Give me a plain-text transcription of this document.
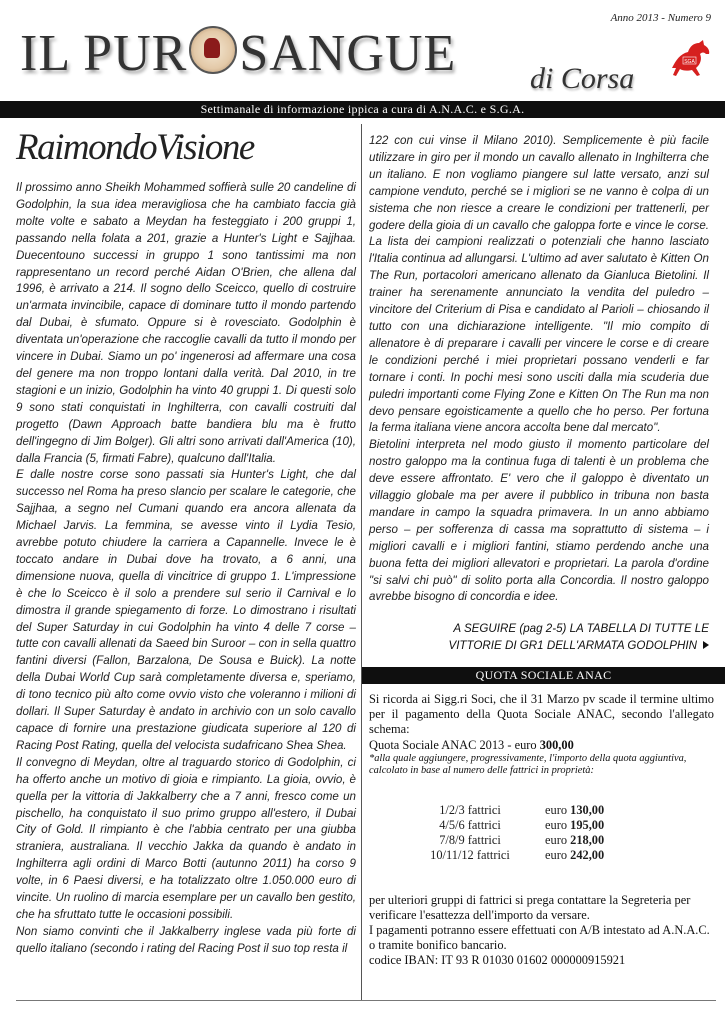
Anno 2013 - Numero 9
IL PUR SANGUE di Corsa	SGA
Settimanale di informazione ippica a cura di A.N.A.C. e S.G.A.
RaimondoVisione

Il prossimo anno Sheikh Mohammed soffierà sulle 20 candeline di Godolphin, la sua idea meravigliosa che ha cambiato faccia già molte volte e sabato a Meydan ha festeggiato i 200 gruppi 1, passando nella folata a 201, grazie a Hunter's Light e Sajjhaa. Duecentouno successi in gruppo 1 sono tantissimi ma non rappresentano un record perché Aidan O'Brien, che allena dal 1996, è arrivato a 214. Il sogno dello Sceicco, quello di costruire un'armata invincibile, capace di dominare tutto il mondo partendo dal Dubai, è sfumato. Oppure si è rovesciato. Godolphin è diventata un'operazione che raccoglie cavalli da tutto il mondo per vincere in Dubai. Siamo un po' ingenerosi ad affermare una cosa del genere ma non troppo lontani dalla verità. Dal 2010, in tre stagioni e un inizio, Godolphin ha vinto 40 gruppi 1. Di questi solo 9 sono stati conquistati in Inghilterra, con cavalli costruiti dal progetto (Dawn Approach batte bandiera blu ma è frutto dell'ingegno di Jim Bolger). Gli altri sono arrivati dall'America (10), dalla Francia (5, firmati Fabre), qualcuno dall'Italia.

E dalle nostre corse sono passati sia Hunter's Light, che dal successo nel Roma ha preso slancio per scalare le categorie, che Sajjhaa, a segno nel Cumani quando era ancora allenata da Michael Jarvis. La femmina, se avesse vinto il Lydia Tesio, avrebbe potuto chiudere la carriera a Capannelle. Invece le è toccato andare in Dubai dove ha trovato, a 6 anni, una dimensione nuova, quella di vincitrice di gruppo 1. L'impressione è che lo Sceicco è il solo a prendere sul serio il Carnival e lo dimostra il grande spiegamento di forze. Lo dimostrano i risultati del Super Saturday in cui Godolphin ha vinto 4 delle 7 corse – tutte con cavalli allenati da Saeed bin Suroor – con in sella quattro fantini diversi (Fallon, Barzalona, De Sousa e Buick). La notte della Dubai World Cup sarà completamente diversa e, speriamo, di tono tecnico più alto come ovvio visto che voleranno i milioni di dollari. Il Super Saturday è andato in archivio con un solo cavallo capace di fornire una prestazione giudicata superiore al 120 di Racing Post Rating, quella del velocista sudafricano Shea Shea.

Il convegno di Meydan, oltre al traguardo storico di Godolphin, ci ha offerto anche un motivo di gioia e rimpianto. La gioia, ovvio, è quella per la vittoria di Jakkalberry che a 7 anni, fresco come un pischello, ha conquistato il suo primo gruppo all'estero, il Dubai City of Gold. Il rimpianto è che l'abbia centrato per una giubba straniera, australiana. Il vecchio Jakka da quando è andato in Inghilterra agli ordini di Marco Botti (autunno 2011) ha corso 9 volte, in 6 Paesi diversi, e ha totalizzato oltre 1.050.000 euro di vincite. Un ruolino di marcia esemplare per un cavallo ben gestito, che ha sfruttato tutte le occasioni possibili.

Non siamo convinti che il Jakkalberry inglese vada più forte di quello italiano (secondo i rating del Racing Post il suo top resta il

122 con cui vinse il Milano 2010). Semplicemente è più facile utilizzare in giro per il mondo un cavallo allenato in Inghilterra che un italiano. E non vogliamo piangere sul latte versato, anzi sul campione venduto, perché se i migliori se ne vanno è colpa di un sistema che non riesce a creare le condizioni per trattenerli, per godere della gioia di un cavallo che galoppa forte e vince le corse. La lista dei campioni realizzati o potenziali che hanno lasciato l'Italia continua ad allungarsi. L'ultimo ad aver salutato è Kitten On The Run, portacolori americano allenato da Gianluca Bietolini. Il trainer ha serenamente annunciato la vendita del puledro – vincitore del Criterium di Pisa e candidato al Parioli – chiosando il tutto con una dichiarazione intelligente. "Il mio compito di allenatore è di preparare i cavalli per vincere le corse e di creare le condizioni perché i miei proprietari possano venderli e far tornare i conti. In pochi mesi sono usciti dalla mia scuderia due puledri importanti come Flying Zone e Kitten On The Run ma non devo pensare egoisticamente a quello che ho perso. Per fortuna la ferma italiana viene ancora accolta bene dal mercato".

Bietolini interpreta nel modo giusto il momento particolare del nostro galoppo ma la continua fuga di talenti è un problema che deve essere affrontato. E' vero che il galoppo è diventato un villaggio globale ma per avere il pubblico in tribuna non basta mandare in campo la squadra primavera. In un anno abbiamo perso – per sofferenza di cassa ma soprattutto di sistema – i migliori cavalli e i migliori fantini, stiamo perdendo anche una buona fetta dei migliori allevatori e proprietari. La parola d'ordine "si salvi chi può" di solito porta alla Concordia. Il nostro galoppo avrebbe bisogno di concordia e idee.

A SEGUIRE (pag 2-5) LA TABELLA DI TUTTE LE
VITTORIE DI GR1 DELL'ARMATA GODOLPHIN
QUOTA SOCIALE ANAC
Si ricorda ai Sigg.ri Soci, che il 31 Marzo pv scade il termine ultimo per il pagamento della Quota Sociale ANAC, secondo l'allegato schema:
Quota Sociale ANAC 2013 - euro 300,00
*alla quale aggiungere, progressivamente, l'importo della quota aggiuntiva, calcolato in base al numero delle fattrici in proprietà:
1/2/3 fattrici	euro 130,00
4/5/6 fattrici	euro 195,00
7/8/9 fattrici	euro 218,00
10/11/12 fattrici	euro 242,00
per ulteriori gruppi di fattrici si prega contattare la Segreteria per verificare l'esattezza dell'importo da versare.
I pagamenti potranno essere effettuati con A/B intestato ad A.N.A.C. o tramite bonifico bancario.
codice IBAN: IT 93 R 01030 01602 000000915921
